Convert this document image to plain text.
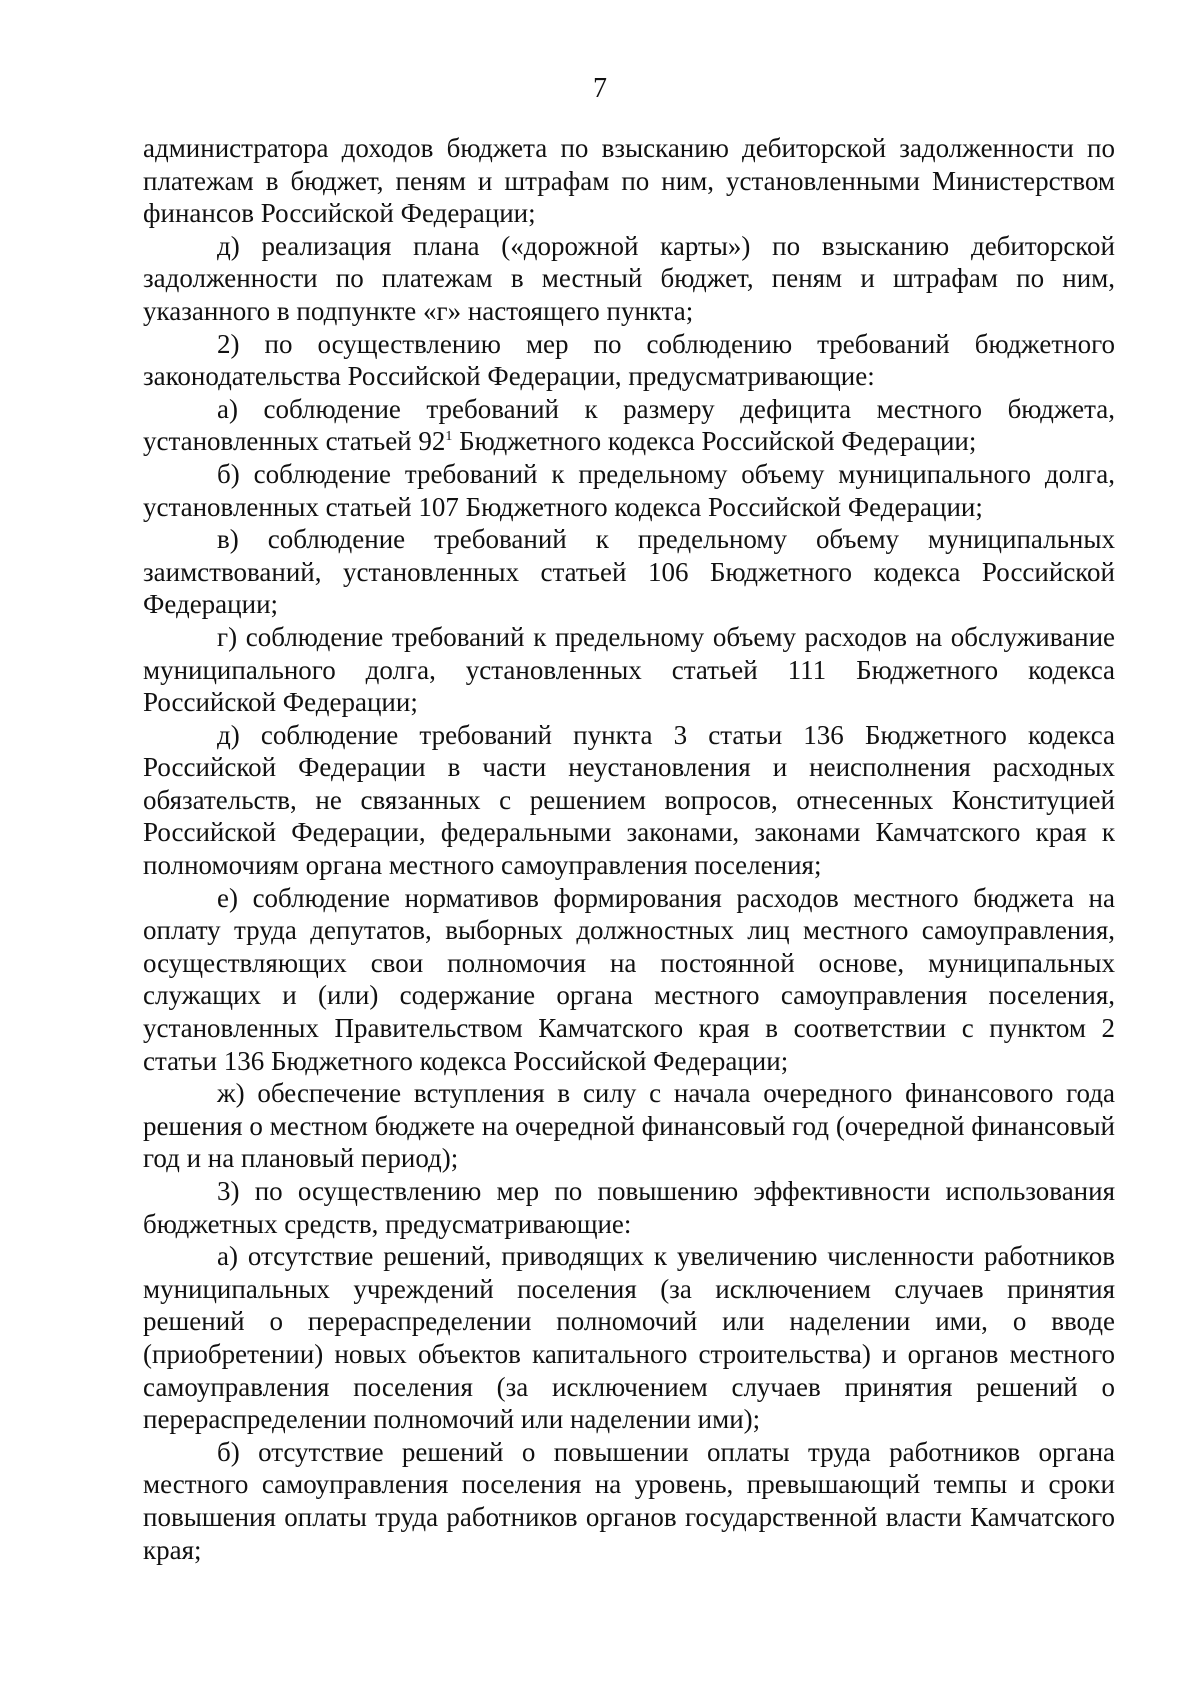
7

администратора доходов бюджета по взысканию дебиторской задолженности по платежам в бюджет, пеням и штрафам по ним, установленными Министерством финансов Российской Федерации;

д) реализация плана («дорожной карты») по взысканию дебиторской задолженности по платежам в местный бюджет, пеням и штрафам по ним, указанного в подпункте «г» настоящего пункта;

2) по осуществлению мер по соблюдению требований бюджетного законодательства Российской Федерации, предусматривающие:

а) соблюдение требований к размеру дефицита местного бюджета, установленных статьей $92^1$ Бюджетного кодекса Российской Федерации;

б) соблюдение требований к предельному объему муниципального долга, установленных статьей 107 Бюджетного кодекса Российской Федерации;

в) соблюдение требований к предельному объему муниципальных заимствований, установленных статьей 106 Бюджетного кодекса Российской Федерации;

г) соблюдение требований к предельному объему расходов на обслуживание муниципального долга, установленных статьей 111 Бюджетного кодекса Российской Федерации;

д) соблюдение требований пункта 3 статьи 136 Бюджетного кодекса Российской Федерации в части неустановления и неисполнения расходных обязательств, не связанных с решением вопросов, отнесенных Конституцией Российской Федерации, федеральными законами, законами Камчатского края к полномочиям органа местного самоуправления поселения;

е) соблюдение нормативов формирования расходов местного бюджета на оплату труда депутатов, выборных должностных лиц местного самоуправления, осуществляющих свои полномочия на постоянной основе, муниципальных служащих и (или) содержание органа местного самоуправления поселения, установленных Правительством Камчатского края в соответствии с пунктом 2 статьи 136 Бюджетного кодекса Российской Федерации;

ж) обеспечение вступления в силу с начала очередного финансового года решения о местном бюджете на очередной финансовый год (очередной финансовый год и на плановый период);

3) по осуществлению мер по повышению эффективности использования бюджетных средств, предусматривающие:

а) отсутствие решений, приводящих к увеличению численности работников муниципальных учреждений поселения (за исключением случаев принятия решений о перераспределении полномочий или наделении ими, о вводе (приобретении) новых объектов капитального строительства) и органов местного самоуправления поселения (за исключением случаев принятия решений о перераспределении полномочий или наделении ими);

б) отсутствие решений о повышении оплаты труда работников органа местного самоуправления поселения на уровень, превышающий темпы и сроки повышения оплаты труда работников органов государственной власти Камчатского края;
